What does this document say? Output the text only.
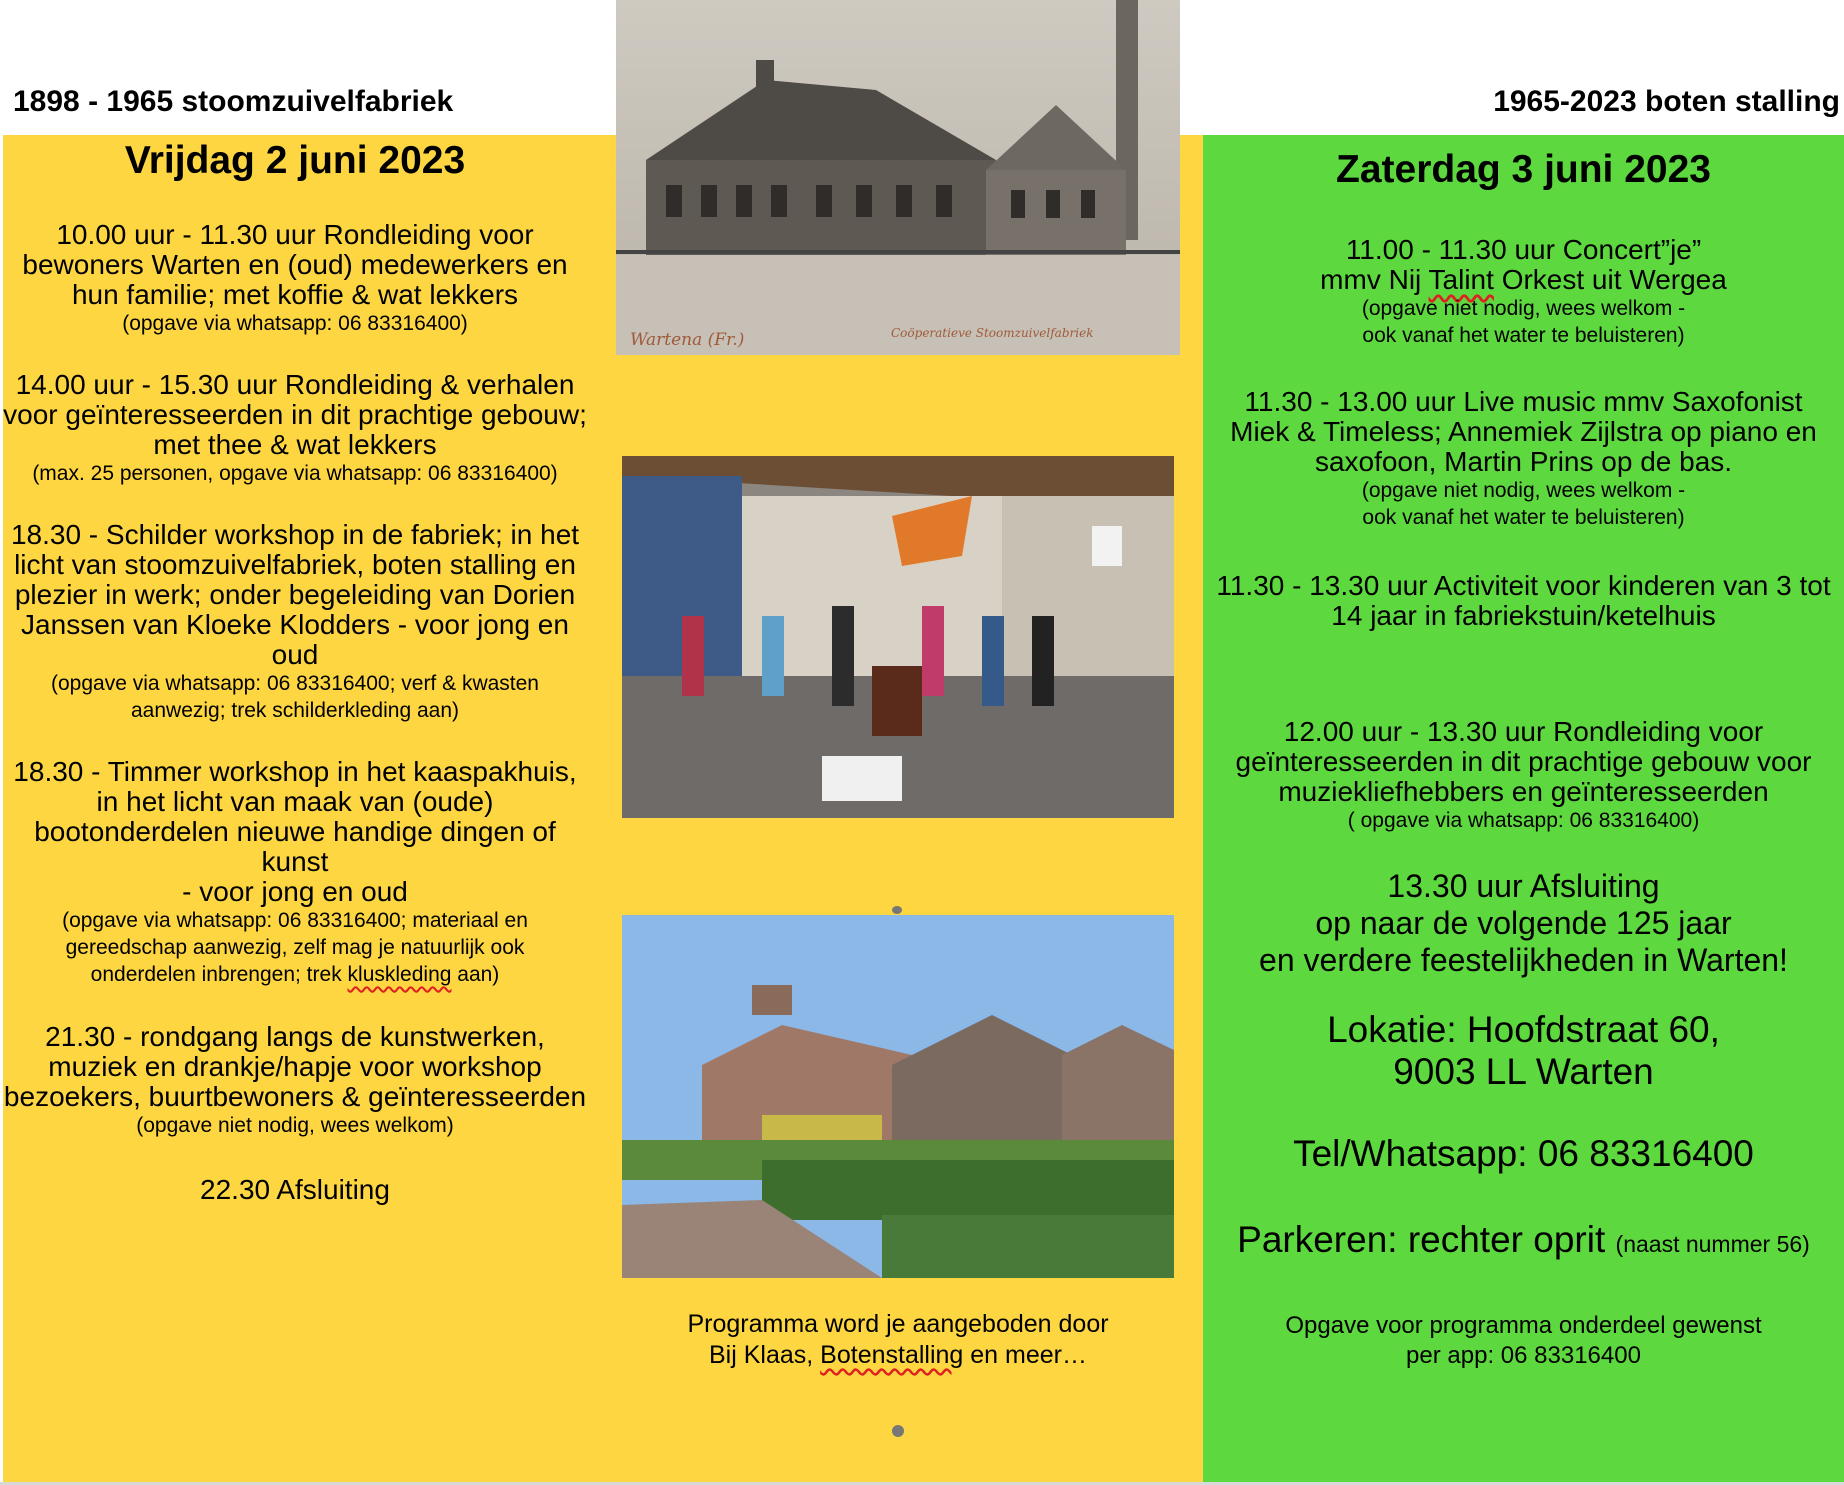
1898 - 1965 stoomzuivelfabriek	1965-2023 boten stalling
Vrijdag 2 juni 2023
10.00 uur - 11.30 uur Rondleiding voor
bewoners Warten en (oud) medewerkers en
hun familie; met koffie & wat lekkers
(opgave via whatsapp: 06 83316400)
14.00 uur - 15.30 uur Rondleiding & verhalen
voor geïnteresseerden in dit prachtige gebouw;
met thee & wat lekkers
(max. 25 personen, opgave via whatsapp: 06 83316400)
18.30 - Schilder workshop in de fabriek; in het
licht van stoomzuivelfabriek, boten stalling en
plezier in werk; onder begeleiding van Dorien
Janssen van Kloeke Klodders - voor jong en
oud
(opgave via whatsapp: 06 83316400; verf & kwasten
aanwezig; trek schilderkleding aan)
18.30 - Timmer workshop in het kaaspakhuis,
in het licht van maak van (oude)
bootonderdelen nieuwe handige dingen of
kunst
- voor jong en oud
(opgave via whatsapp: 06 83316400; materiaal en
gereedschap aanwezig, zelf mag je natuurlijk ook
onderdelen inbrengen; trek kluskleding aan)
21.30 - rondgang langs de kunstwerken,
muziek en drankje/hapje voor workshop
bezoekers, buurtbewoners & geïnteresseerden
(opgave niet nodig, wees welkom)
22.30 Afsluiting
Wartena (Fr.)	Coöperatieve Stoomzuivelfabriek
Programma word je aangeboden door
Bij Klaas, Botenstalling en meer…
Zaterdag 3 juni 2023
11.00 - 11.30 uur Concert”je”
mmv Nij Talint Orkest uit Wergea
(opgave niet nodig, wees welkom -
ook vanaf het water te beluisteren)
11.30 - 13.00 uur Live music mmv Saxofonist
Miek & Timeless; Annemiek Zijlstra op piano en
saxofoon, Martin Prins op de bas.
(opgave niet nodig, wees welkom -
ook vanaf het water te beluisteren)
11.30 - 13.30 uur Activiteit voor kinderen van 3 tot
14 jaar in fabriekstuin/ketelhuis
12.00 uur - 13.30 uur Rondleiding voor
geïnteresseerden in dit prachtige gebouw voor
muziekliefhebbers en geïnteresseerden
( opgave via whatsapp: 06 83316400)
13.30 uur Afsluiting
op naar de volgende 125 jaar
en verdere feestelijkheden in Warten!
Lokatie: Hoofdstraat 60,
9003 LL Warten
Tel/Whatsapp: 06 83316400
Parkeren: rechter oprit (naast nummer 56)
Opgave voor programma onderdeel gewenst
per app: 06 83316400
